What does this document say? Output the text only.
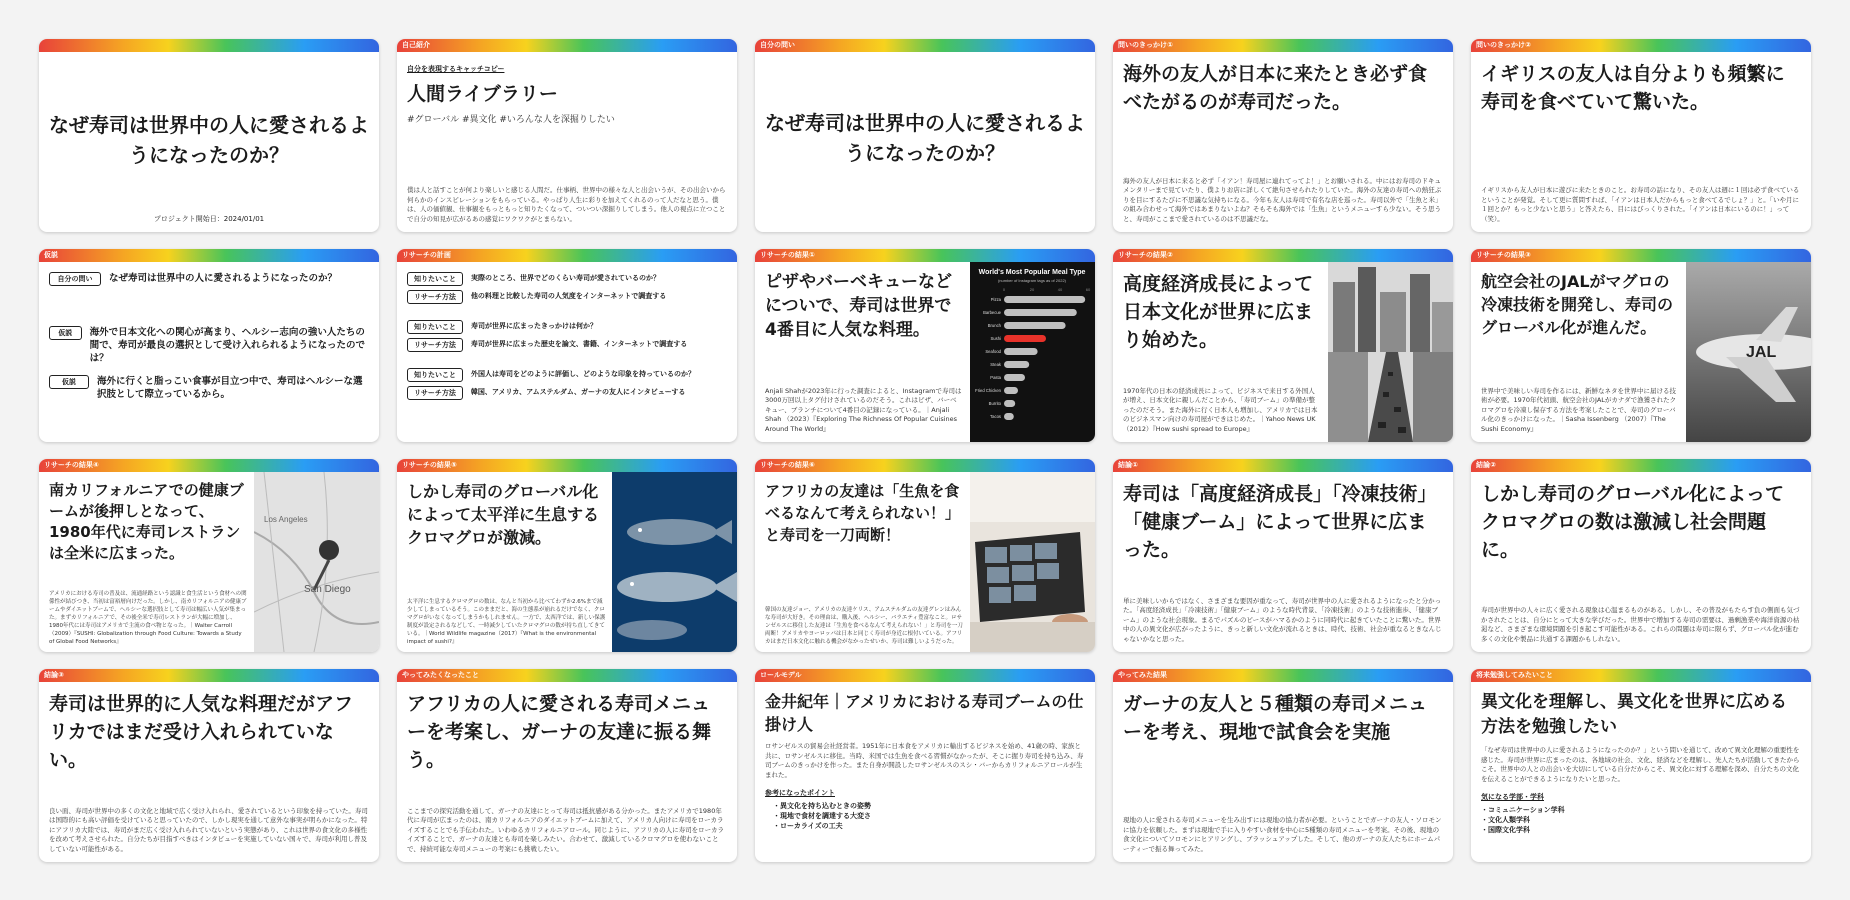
なぜ寿司は世界中の人に愛されるようになったのか？
プロジェクト開始日：2024/01/01
自己紹介
自分を表現するキャッチコピー
人間ライブラリー
#グローバル #異文化 #いろんな人を深掘りしたい
僕は人と話すことが何より楽しいと感じる人間だ。仕事柄、世界中の様々な人と出会いうが、その出会いから何らかのインスピレーションをもらっている。やっぱり人生に彩りを加えてくれるのって人だなと思う。僕は、人の価値観、仕事観をもっともっと知りたくなって、ついつい深掘りしてしまう。他人の視点に立つことで自分の知見が広がるあの感覚にワクワクがとまらない。
自分の問い
なぜ寿司は世界中の人に愛されるようになったのか？
問いのきっかけ①
海外の友人が日本に来たとき必ず食べたがるのが寿司だった。
海外の友人が日本に来ると必ず「イアン！寿司屋に連れてってよ！」とお願いされる。中にはお寿司のドキュメンタリーまで見ていたり、僕よりお店に詳しくて絶句させられたりしていた。海外の友達の寿司への熱狂ぶりを目にするたびに不思議な気持ちになる。今年も友人は寿司で有名な店を巡った。寿司以外で「生魚と米」の組み合わせって海外ではあまりないよね？そもそも海外では「生魚」というメニューすら少ない。そう思うと、寿司がここまで愛されているのは不思議だな。
問いのきっかけ②
イギリスの友人は自分よりも頻繁に寿司を食べていて驚いた。
イギリスから友人が日本に遊びに来たときのこと。お寿司の話になり、その友人は週に１回は必ず食べているということが発覚。そして更に質問すれば、「イアンは日本人だからもっと食べてるでしょ？」と。「いや月に１回とか？もっと少ないと思う」と答えたら、目にはびっくりされた。「イアンは日本にいるのに！」って（笑）。
仮説
自分の問い	なぜ寿司は世界中の人に愛されるようになったのか？
仮説	海外で日本文化への関心が高まり、ヘルシー志向の強い人たちの間で、寿司が最良の選択として受け入れられるようになったのでは？
仮説	海外に行くと脂っこい食事が目立つ中で、寿司はヘルシーな選択肢として際立っているから。
リサーチの計画
知りたいこと	実際のところ、世界でどのくらい寿司が愛されているのか？
リサーチ方法	他の料理と比較した寿司の人気度をインターネットで調査する
知りたいこと	寿司が世界に広まったきっかけは何か？
リサーチ方法	寿司が世界に広まった歴史を論文、書籍、インターネットで調査する
知りたいこと	外国人は寿司をどのように評価し、どのような印象を持っているのか？
リサーチ方法	韓国、アメリカ、アムステルダム、ガーナの友人にインタビューする
リサーチの結果①
ピザやバーベキューなどについで、寿司は世界で4番目に人気な料理。
Anjali Shahが2023年に行った調査によると、Instagramで寿司は3000万回以上タグ付けされているのだそう。これはピザ、バーベキュー、ブランチについて4番目の記録になっている。｜Anjali Shah （2023）『Exploring The Richness Of Popular Cuisines Around The World』
World's Most Popular Meal Type
(number of Instagram tags as of 2022)
0	20	40	60
Pizza
Barbecue
Brunch
Sushi
Seafood
Steak
Pasta
Fried Chicken
Burrito
Tacos
リサーチの結果②
高度経済成長によって日本文化が世界に広まり始めた。
1970年代の日本の経済成長によって、ビジネスで来日する外国人が増え、日本文化に親しんだことから、「寿司ブーム」の準備が整ったのだそう。また海外に行く日本人も増加し、アメリカでは日本のビジネスマン向けの寿司屋ができはじめた。｜Yahoo News UK（2012）『How sushi spread to Europe』
リサーチの結果③
航空会社のJALがマグロの冷凍技術を開発し、寿司のグローバル化が進んだ。
世界中で美味しい寿司を作るには、新鮮なネタを世界中に届ける技術が必要。1970年代初頭、航空会社のJALがカナダで漁獲されたクロマグロを冷凍し保存する方法を考案したことで、寿司のグローバル化のきっかけになった。｜Sasha Issenberg （2007）『The Sushi Economy』
JAL
リサーチの結果④
南カリフォルニアでの健康ブームが後押しとなって、1980年代に寿司レストランは全米に広まった。
アメリカにおける寿司の普及は、流通経路という認識と食生活という食材への関係性が結びつき、当初は富裕層向けだった。しかし、南カリフォルニアの健康ブームやダイエットブームで、ヘルシーな選択肢として寿司は幅広い人気が集まった。まずカリフォルニアで、その後全米で寿司レストランが大幅に増加し、1980年代には寿司はアメリカで主流の食べ物となった。｜Walter Carroll（2009）『SUSHI: Globalization through Food Culture: Towards a Study of Global Food Networks』
San Diego
Los Angeles
リサーチの結果⑤
しかし寿司のグローバル化によって太平洋に生息するクロマグロが激減。
太平洋に生息するクロマグロの数は、なんと当初から比べてわずか2.6%まで減少してしまっているそう。このままだと、海の生態系が崩れるだけでなく、クロマグロがいなくなってしまうかもしれません。一方で、太西洋では、新しい保護制度が設定されるなどして、一時減少していたクロマグロの数が持ち直してきている。｜World Wildlife magazine（2017）『What is the environmental impact of sushi?』
リサーチの結果⑥
アフリカの友達は「生魚を食べるなんて考えられない！」と寿司を一刀両断！
韓国の友達ジョー、アメリカの友達ケリス、アムステルダムの友達グレンはみんな寿司が大好き。その理由は、購入後、ヘルシー、バラエティ豊富なこと。ロサンゼルスに移住した友達は「生魚を食べるなんて考えられない！」と寿司を一刀両断！アメリカやヨーロッパは日本と同じく寿司が身近に根付いている。アフリカはまだ日本文化に触れる機会がなかったせいか、寿司は難しいようだった。
結論①
寿司は「高度経済成長」「冷凍技術」「健康ブーム」によって世界に広まった。
単に美味しいからではなく、さまざまな要因が重なって、寿司が世界中の人に愛されるようになったと分かった。「高度経済成長」「冷凍技術」「健康ブーム」のような時代背景、「冷凍技術」のような技術進歩、「健康ブーム」のような社会現象。まるでパズルのピースがハマるかのように同時代に起きていたことに驚いた。世界中の人の異文化が広がったように、きっと新しい文化が流れるときは、時代、技術、社会が重なるときなんじゃないかなと思った。
結論②
しかし寿司のグローバル化によってクロマグロの数は激減し社会問題に。
寿司が世界中の人々に広く愛される現象は心温まるものがある。しかし、その普及がもたらす負の側面も気づかされたことは、自分にとって大きな学びだった。世界中で増加する寿司の需要は、過剰漁業や海洋資源の枯渇など、さまざまな環境問題を引き起こす可能性がある。これらの問題は寿司に限らず、グローバル化が進む多くの文化や製品に共通する課題かもしれない。
結論③
寿司は世界的に人気な料理だがアフリカではまだ受け入れられていない。
良い面、寿司が世界中の多くの文化と地域で広く受け入れられ、愛されているという印象を持っていた。寿司は国際的にも高い評価を受けていると思っていたので、しかし現実を通して意外な事実が明らかになった。特にアフリカ大陸では、寿司がまだ広く受け入れられていないという実態があり、これは世界の食文化の多様性を改めて考えさせられた。自分たちが目指すべきはインタビューを実施していない国々で、寿司が利用し普及していない可能性がある。
やってみたくなったこと
アフリカの人に愛される寿司メニューを考案し、ガーナの友達に振る舞う。
ここまでの探究活動を通して、ガーナの友達にとって寿司は抵抗感がある分かった。またアメリカで1980年代に寿司が広まったのは、南カリフォルニアのダイエットブームに加えて、アメリカ人向けに寿司をローカライズすることでも手伝われた。いわゆるカリフォルニアロール。同じように、アフリカの人に寿司をローカライズすることで、ガーナの友達とも寿司を楽しみたい。合わせて、激減しているクロマグロを使わないことで、持続可能な寿司メニューの考案にも挑戦したい。
ロールモデル
金井紀年｜アメリカにおける寿司ブームの仕掛け人
ロサンゼルスの貿易会社経営者。1951年に日本食をアメリカに輸出するビジネスを始め、41歳の時、家族と共に、ロサンゼルスに移住。当時、米国では生魚を食べる習慣がなかったが、そこに握り寿司を持ち込み、寿司ブームのきっかけを作った。また自身が開設したロサンゼルスのスシ・バーからカリフォルニアロールが生まれた。
参考になったポイント
・異文化を持ち込むときの姿勢
・現地で食材を調達する大変さ
・ローカライズの工夫
やってみた結果
ガーナの友人と５種類の寿司メニューを考え、現地で試食会を実施
現地の人に愛される寿司メニューを生み出すには現地の協力者が必要。ということでガーナの友人・ソロモンに協力を依頼した。まずは現地で手に入りやすい食材を中心に5種類の寿司メニューを考案。その後、現地の食文化についてソロモンにヒアリングし、ブラッシュアップした。そして、他のガーナの友人たちにホームパーティーで振る舞ってみた。
将来勉強してみたいこと
異文化を理解し、異文化を世界に広める方法を勉強したい
「なぜ寿司は世界中の人に愛されるようになったのか？」という問いを通じて、改めて異文化理解の重要性を感じた。寿司が世界に広まったのは、各地域の社会、文化、経済などを理解し、先人たちが活動してきたからこそ。世界中の人との出会いを大切にしている自分だからこそ、異文化に対する理解を深め、自分たちの文化を伝えることができるようになりたいと思った。
気になる学部・学科
・コミュニケーション学科
・文化人類学科
・国際文化学科
